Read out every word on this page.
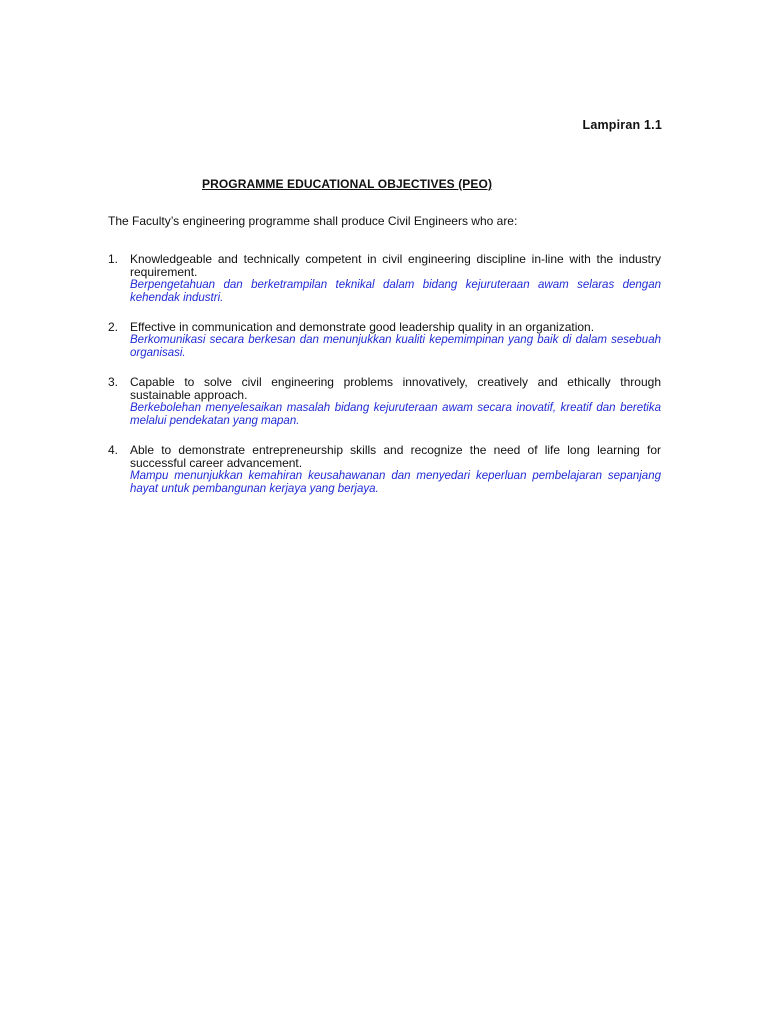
Lampiran 1.1
PROGRAMME EDUCATIONAL OBJECTIVES (PEO)
The Faculty’s engineering programme shall produce Civil Engineers who are:
1. Knowledgeable and technically competent in civil engineering discipline in-line with the industry requirement.
Berpengetahuan dan berketrampilan teknikal dalam bidang kejuruteraan awam selaras dengan kehendak industri.
2. Effective in communication and demonstrate good leadership quality in an organization.
Berkomunikasi secara berkesan dan menunjukkan kualiti kepemimpinan yang baik di dalam sesebuah organisasi.
3. Capable to solve civil engineering problems innovatively, creatively and ethically through sustainable approach.
Berkebolehan menyelesaikan masalah bidang kejuruteraan awam secara inovatif, kreatif dan beretika melalui pendekatan yang mapan.
4. Able to demonstrate entrepreneurship skills and recognize the need of life long learning for successful career advancement.
Mampu menunjukkan kemahiran keusahawanan dan menyedari keperluan pembelajaran sepanjang hayat untuk pembangunan kerjaya yang berjaya.
